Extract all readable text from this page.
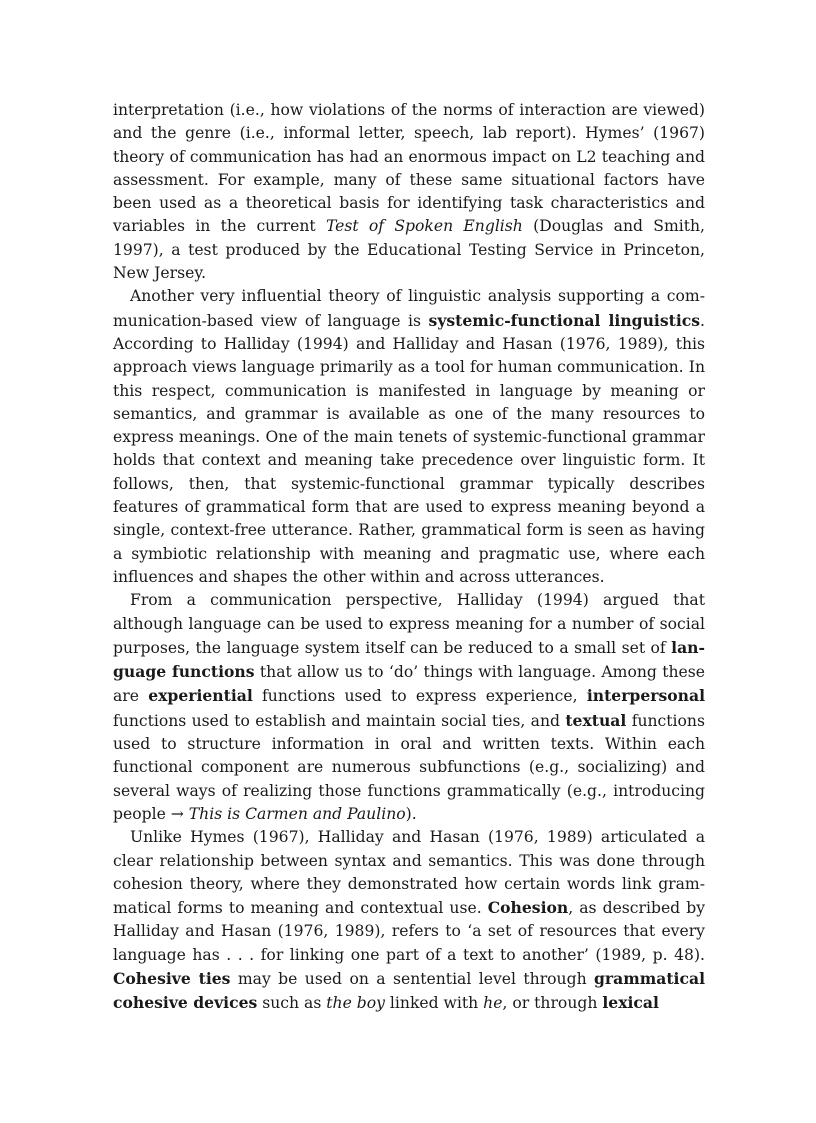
interpretation (i.e., how violations of the norms of interaction are viewed) and the genre (i.e., informal letter, speech, lab report). Hymes’ (1967) theory of communication has had an enormous impact on L2 teaching and assessment. For example, many of these same situational factors have been used as a theoretical basis for identifying task characteristics and variables in the current Test of Spoken English (Douglas and Smith, 1997), a test produced by the Educational Testing Service in Princeton, New Jersey.

Another very influential theory of linguistic analysis supporting a communication-based view of language is systemic-functional linguistics. According to Halliday (1994) and Halliday and Hasan (1976, 1989), this approach views language primarily as a tool for human communication. In this respect, communication is manifested in language by meaning or semantics, and grammar is available as one of the many resources to express meanings. One of the main tenets of systemic-functional grammar holds that context and meaning take precedence over linguistic form. It follows, then, that systemic-functional grammar typically describes features of grammatical form that are used to express meaning beyond a single, context-free utterance. Rather, grammatical form is seen as having a symbiotic relationship with meaning and pragmatic use, where each influences and shapes the other within and across utterances.

From a communication perspective, Halliday (1994) argued that although language can be used to express meaning for a number of social purposes, the language system itself can be reduced to a small set of language functions that allow us to ‘do’ things with language. Among these are experiential functions used to express experience, interpersonal functions used to establish and maintain social ties, and textual functions used to structure information in oral and written texts. Within each functional component are numerous subfunctions (e.g., socializing) and several ways of realizing those functions grammatically (e.g., introducing people → This is Carmen and Paulino).

Unlike Hymes (1967), Halliday and Hasan (1976, 1989) articulated a clear relationship between syntax and semantics. This was done through cohesion theory, where they demonstrated how certain words link grammatical forms to meaning and contextual use. Cohesion, as described by Halliday and Hasan (1976, 1989), refers to ‘a set of resources that every language has . . . for linking one part of a text to another’ (1989, p. 48). Cohesive ties may be used on a sentential level through grammatical cohesive devices such as the boy linked with he, or through lexical
